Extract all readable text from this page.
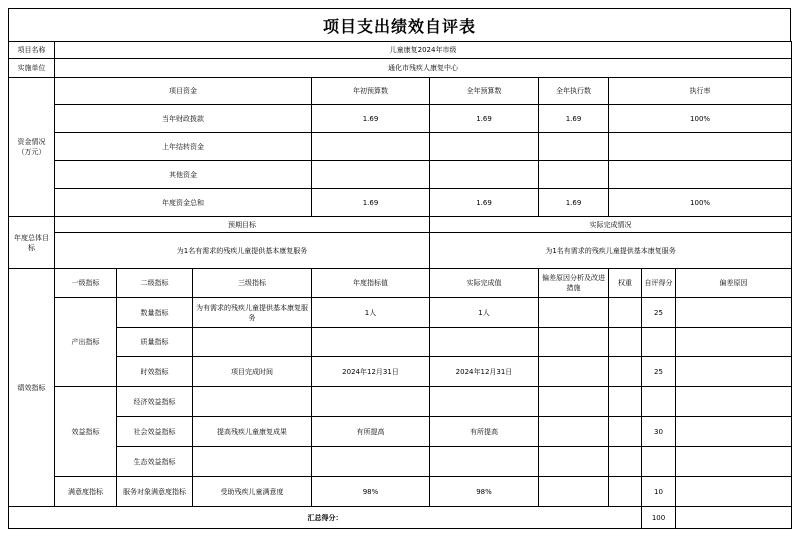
项目支出绩效自评表
项目名称	儿童康复2024年市级									
实施单位	通化市残疾人康复中心									
资金情况（万元）	项目资金			年初预算数	全年预算数	全年执行数	执行率	
	当年财政拨款			1.69	1.69	1.69	100%	
	上年结转资金									
	其他资金									
	年度资金总和			1.69	1.69	1.69	100%			
年度总体目标	预期目标				实际完成情况					
	为1名有需求的残疾儿童提供基本康复服务				为1名有需求的残疾儿童提供基本康复服务					
绩效指标	一级指标	二级指标	三级指标	年度指标值	实际完成值	偏差原因分析及改进措施	权重	自评得分	偏差原因	
	产出指标	数量指标	为有需求的残疾儿童提供基本康复服务	1人	1人			25		
		质量指标								
		时效指标	项目完成时间	2024年12月31日	2024年12月31日			25		
	效益指标	经济效益指标								
		社会效益指标	提高残疾儿童康复成果	有所提高	有所提高			30		
		生态效益指标								
	满意度指标	服务对象满意度指标	受助残疾儿童满意度	98%	98%			10		
汇总得分：								100		
